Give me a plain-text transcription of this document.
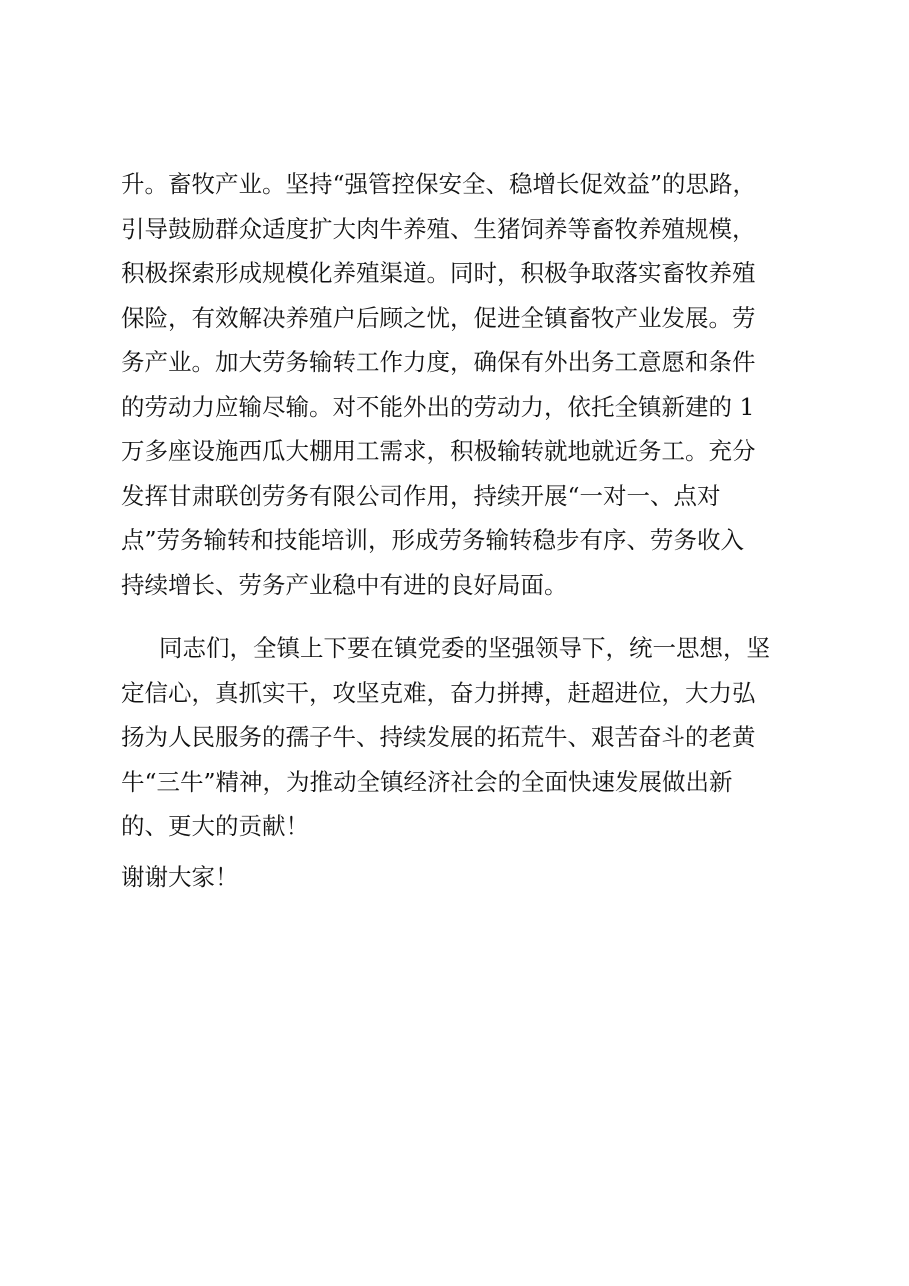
升。畜牧产业。坚持“强管控保安全、稳增长促效益”的思路，
引导鼓励群众适度扩大肉牛养殖、生猪饲养等畜牧养殖规模，
积极探索形成规模化养殖渠道。同时，积极争取落实畜牧养殖
保险，有效解决养殖户后顾之忧，促进全镇畜牧产业发展。劳
务产业。加大劳务输转工作力度，确保有外出务工意愿和条件
的劳动力应输尽输。对不能外出的劳动力，依托全镇新建的 1
万多座设施西瓜大棚用工需求，积极输转就地就近务工。充分
发挥甘肃联创劳务有限公司作用，持续开展“一对一、点对
点”劳务输转和技能培训，形成劳务输转稳步有序、劳务收入
持续增长、劳务产业稳中有进的良好局面。
同志们，全镇上下要在镇党委的坚强领导下，统一思想，坚
定信心，真抓实干，攻坚克难，奋力拼搏，赶超进位，大力弘
扬为人民服务的孺子牛、持续发展的拓荒牛、艰苦奋斗的老黄
牛“三牛”精神，为推动全镇经济社会的全面快速发展做出新
的、更大的贡献！
谢谢大家！
